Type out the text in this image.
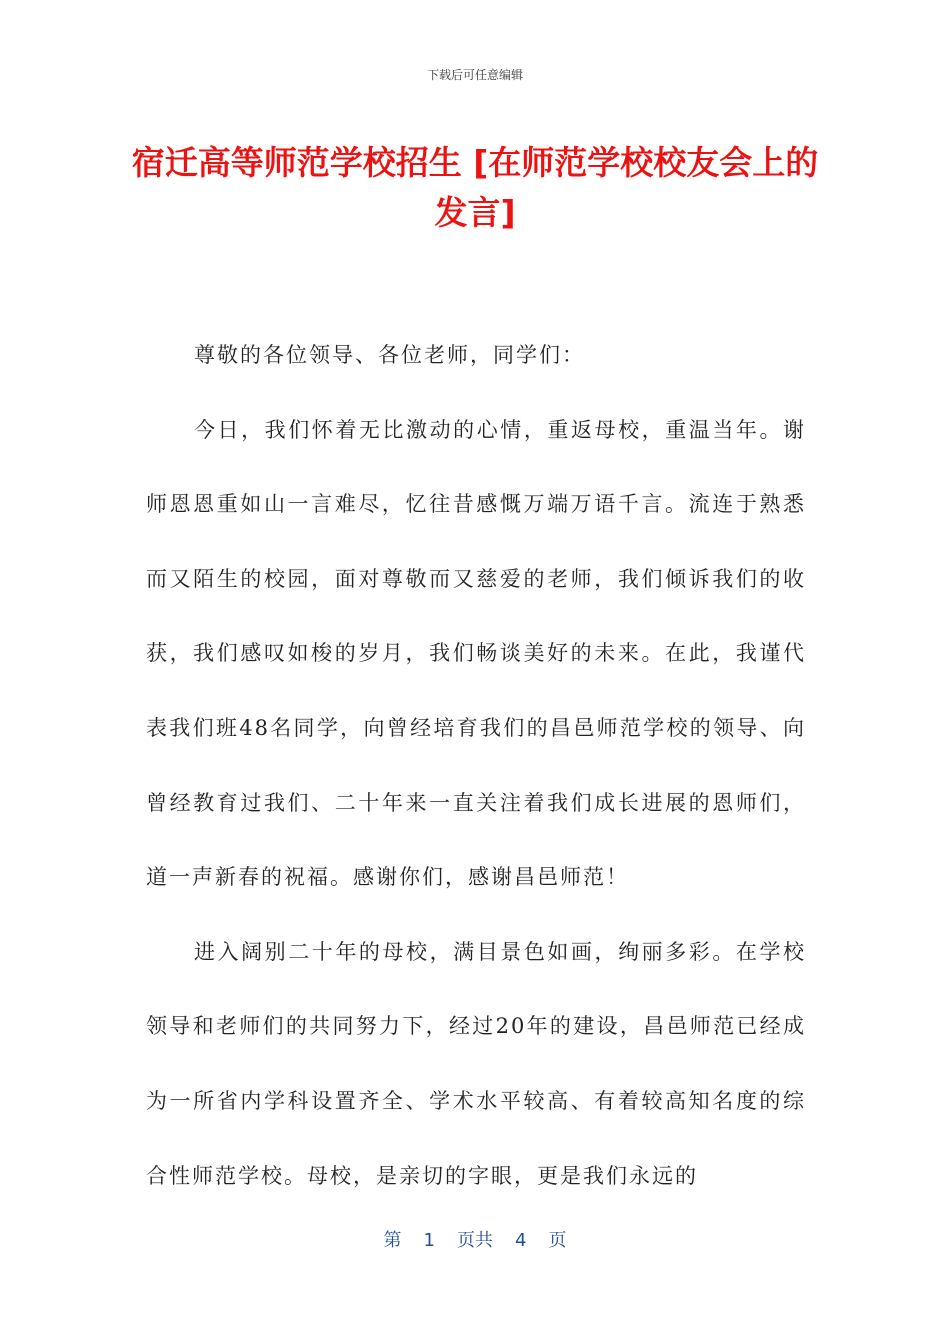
下载后可任意编辑
宿迁高等师范学校招生 [在师范学校校友会上的发言]

尊敬的各位领导、各位老师，同学们：

今日，我们怀着无比激动的心情，重返母校，重温当年。谢师恩恩重如山一言难尽，忆往昔感慨万端万语千言。流连于熟悉而又陌生的校园，面对尊敬而又慈爱的老师，我们倾诉我们的收获，我们感叹如梭的岁月，我们畅谈美好的未来。在此，我谨代表我们班48名同学，向曾经培育我们的昌邑师范学校的领导、向曾经教育过我们、二十年来一直关注着我们成长进展的恩师们，道一声新春的祝福。感谢你们，感谢昌邑师范！

进入阔别二十年的母校，满目景色如画，绚丽多彩。在学校领导和老师们的共同努力下，经过20年的建设，昌邑师范已经成为一所省内学科设置齐全、学术水平较高、有着较高知名度的综合性师范学校。母校，是亲切的字眼，更是我们永远的

第 1 页共 4 页
